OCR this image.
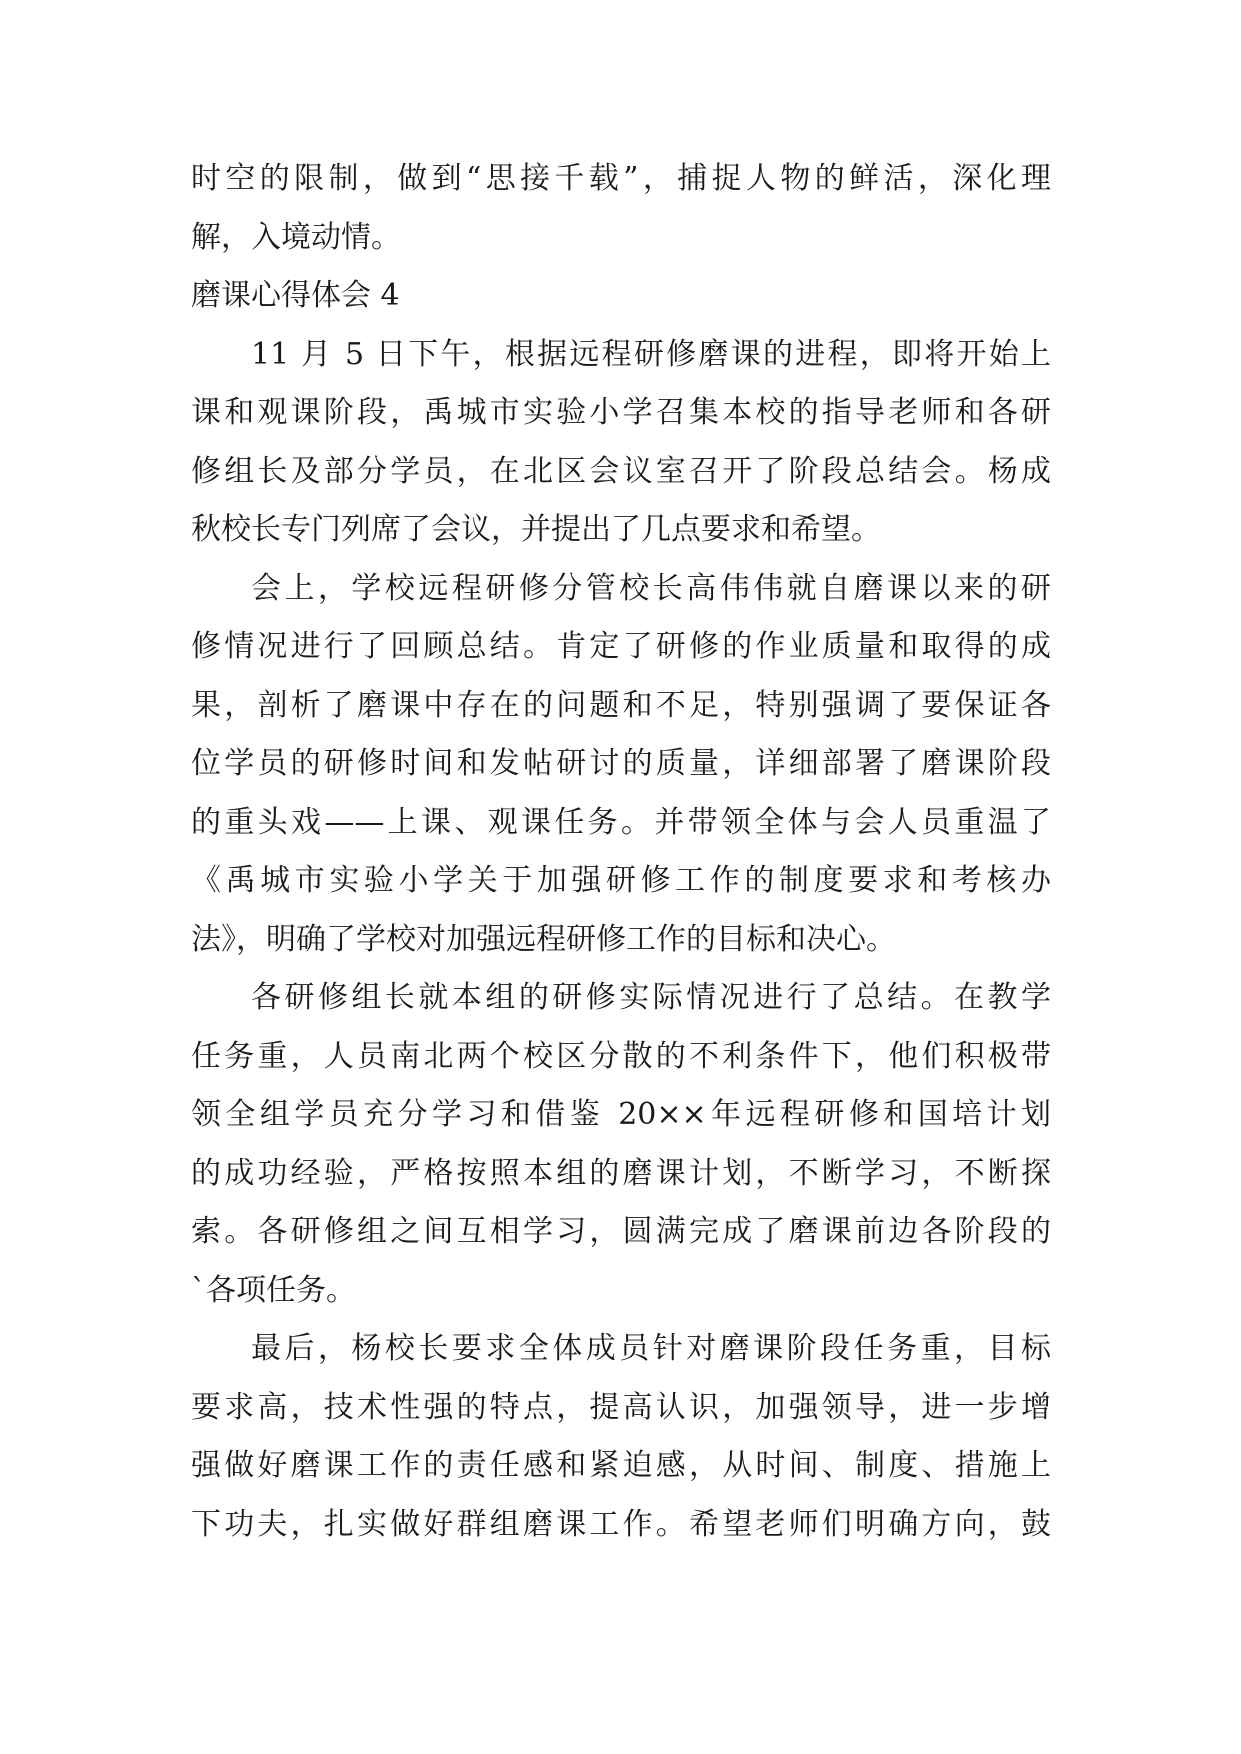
时空的限制，做到“思接千载”，捕捉人物的鲜活，深化理
解，入境动情。
磨课心得体会 4
11 月 5 日下午，根据远程研修磨课的进程，即将开始上
课和观课阶段，禹城市实验小学召集本校的指导老师和各研
修组长及部分学员，在北区会议室召开了阶段总结会。杨成
秋校长专门列席了会议，并提出了几点要求和希望。
会上，学校远程研修分管校长高伟伟就自磨课以来的研
修情况进行了回顾总结。肯定了研修的作业质量和取得的成
果，剖析了磨课中存在的问题和不足，特别强调了要保证各
位学员的研修时间和发帖研讨的质量，详细部署了磨课阶段
的重头戏——上课、观课任务。并带领全体与会人员重温了
《禹城市实验小学关于加强研修工作的制度要求和考核办
法》，明确了学校对加强远程研修工作的目标和决心。
各研修组长就本组的研修实际情况进行了总结。在教学
任务重，人员南北两个校区分散的不利条件下，他们积极带
领全组学员充分学习和借鉴 20××年远程研修和国培计划
的成功经验，严格按照本组的磨课计划，不断学习，不断探
索。各研修组之间互相学习，圆满完成了磨课前边各阶段的
`各项任务。
最后，杨校长要求全体成员针对磨课阶段任务重，目标
要求高，技术性强的特点，提高认识，加强领导，进一步增
强做好磨课工作的责任感和紧迫感，从时间、制度、措施上
下功夫，扎实做好群组磨课工作。希望老师们明确方向，鼓
